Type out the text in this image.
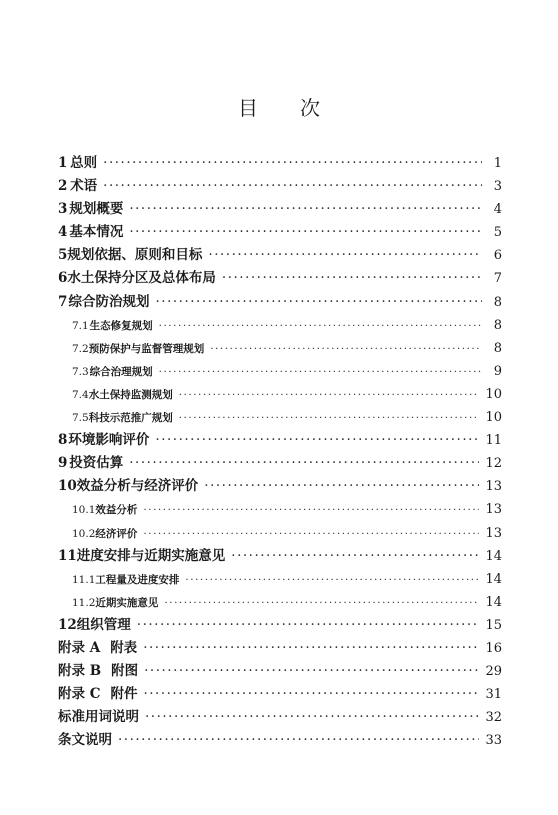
目 次
1 总则 ·····	1
2 术语 ·····	3
3 规划概要 ·····	4
4 基本情况 ·····	5
5 规划依据、原则和目标 ·····	6
6 水土保持分区及总体布局 ·····	7
7 综合防治规划 ·····	8
7.1 生态修复规划 ·····	8
7.2 预防保护与监督管理规划 ·····	8
7.3 综合治理规划 ·····	9
7.4 水土保持监测规划 ·····	10
7.5 科技示范推广规划 ·····	10
8 环境影响评价 ·····	11
9 投资估算 ·····	12
10 效益分析与经济评价 ·····	13
10.1 效益分析 ·····	13
10.2 经济评价 ·····	13
11 进度安排与近期实施意见 ·····	14
11.1 工程量及进度安排 ·····	14
11.2 近期实施意见 ·····	14
12 组织管理 ·····	15
附录 A 附表 ·····	16
附录 B 附图 ·····	29
附录 C 附件 ·····	31
标准用词说明 ·····	32
条文说明 ·····	33
